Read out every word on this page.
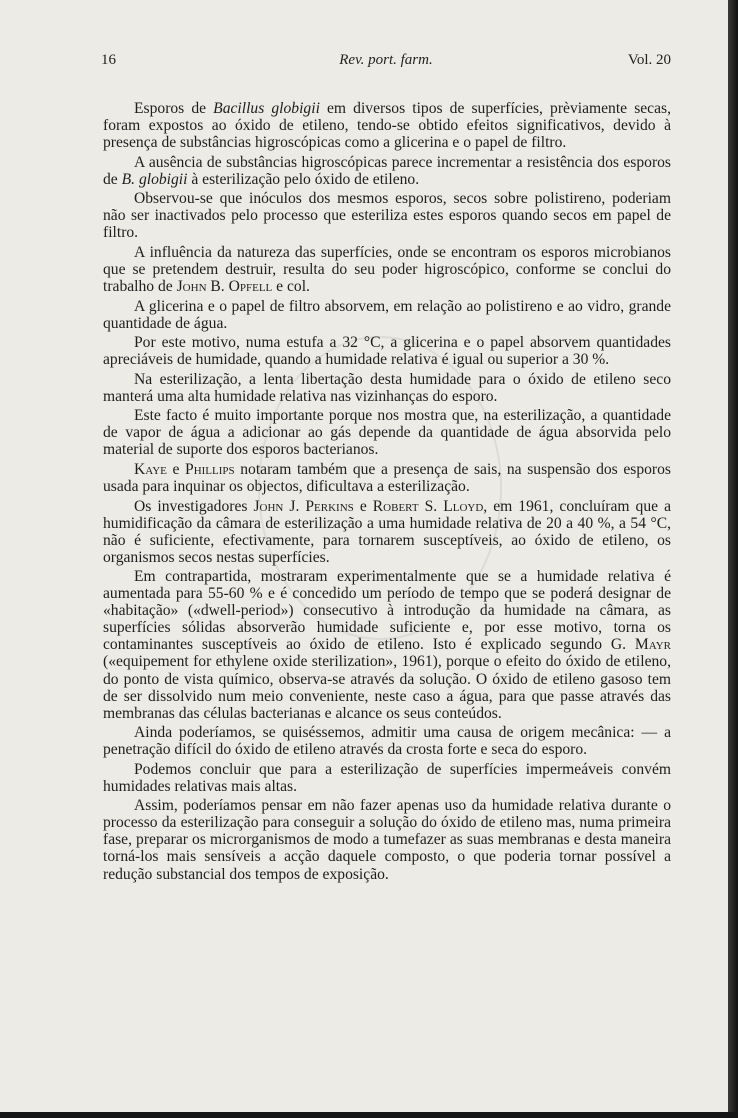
16	Rev. port. farm.	Vol. 20

Esporos de Bacillus globigii em diversos tipos de superfícies, prèviamente secas, foram expostos ao óxido de etileno, tendo-se obtido efeitos significativos, devido à presença de substâncias higroscópicas como a glicerina e o papel de filtro.

A ausência de substâncias higroscópicas parece incrementar a resistência dos esporos de B. globigii à esterilização pelo óxido de etileno.

Observou-se que inóculos dos mesmos esporos, secos sobre polistireno, poderiam não ser inactivados pelo processo que esteriliza estes esporos quando secos em papel de filtro.

A influência da natureza das superfícies, onde se encontram os esporos microbianos que se pretendem destruir, resulta do seu poder higroscópico, conforme se conclui do trabalho de John B. Opfell e col.

A glicerina e o papel de filtro absorvem, em relação ao polistireno e ao vidro, grande quantidade de água.

Por este motivo, numa estufa a 32 °C, a glicerina e o papel absorvem quantidades apreciáveis de humidade, quando a humidade relativa é igual ou superior a 30 %.

Na esterilização, a lenta libertação desta humidade para o óxido de etileno seco manterá uma alta humidade relativa nas vizinhanças do esporo.

Este facto é muito importante porque nos mostra que, na esterilização, a quantidade de vapor de água a adicionar ao gás depende da quantidade de água absorvida pelo material de suporte dos esporos bacterianos.

Kaye e Phillips notaram também que a presença de sais, na suspensão dos esporos usada para inquinar os objectos, dificultava a esterilização.

Os investigadores John J. Perkins e Robert S. Lloyd, em 1961, concluíram que a humidificação da câmara de esterilização a uma humidade relativa de 20 a 40 %, a 54 °C, não é suficiente, efectivamente, para tornarem susceptíveis, ao óxido de etileno, os organismos secos nestas superfícies.

Em contrapartida, mostraram experimentalmente que se a humidade relativa é aumentada para 55-60 % e é concedido um período de tempo que se poderá designar de «habitação» («dwell-period») consecutivo à introdução da humidade na câmara, as superfícies sólidas absorverão humidade suficiente e, por esse motivo, torna os contaminantes susceptíveis ao óxido de etileno. Isto é explicado segundo G. Mayr («equipement for ethylene oxide sterilization», 1961), porque o efeito do óxido de etileno, do ponto de vista químico, observa-se através da solução. O óxido de etileno gasoso tem de ser dissolvido num meio conveniente, neste caso a água, para que passe através das membranas das células bacterianas e alcance os seus conteúdos.

Ainda poderíamos, se quiséssemos, admitir uma causa de origem mecânica: — a penetração difícil do óxido de etileno através da crosta forte e seca do esporo.

Podemos concluir que para a esterilização de superfícies impermeáveis convém humidades relativas mais altas.

Assim, poderíamos pensar em não fazer apenas uso da humidade relativa durante o processo da esterilização para conseguir a solução do óxido de etileno mas, numa primeira fase, preparar os microrganismos de modo a tumefazer as suas membranas e desta maneira torná-los mais sensíveis a acção daquele composto, o que poderia tornar possível a redução substancial dos tempos de exposição.
